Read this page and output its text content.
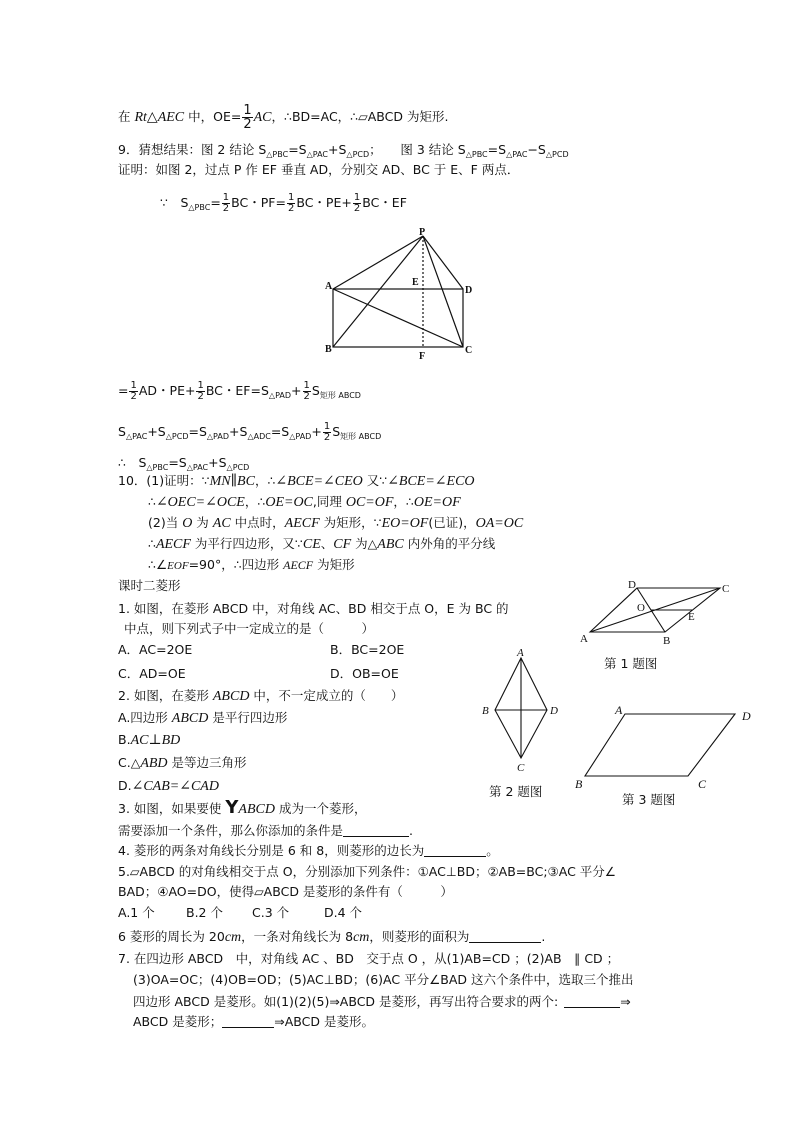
在 Rt△AEC 中，$OE= \frac{1}{2}$ AC，∴BD=AC，∴▱ABCD 为矩形.
9．猜想结果：图 2 结论 $S_{\triangle PBC}=S_{\triangle PAC}+S_{\triangle PCD}$；　　图 3 结论 $S_{\triangle PBC}=S_{\triangle PAC}-S_{\triangle PCD}$
证明：如图 2，过点 P 作 EF 垂直 AD，分别交 AD、BC 于 E、F 两点．
∵　$S_{\triangle PBC}= \frac{1}{2}$ BC・$PF= \frac{1}{2}$ BC・$PE+ \frac{1}{2}$ BC・EF
P
A	E
D
B
F
C
= $\frac{1}{2}$ AD・$PE+ \frac{1}{2}$ BC・$EF=S_{\triangle PAD}+ \frac{1}{2} S_{矩形 ABCD}$
$S_{\triangle PAC}+S_{\triangle PCD}=S_{\triangle PAD}+S_{\triangle ADC}=S_{\triangle PAD}+ \frac{1}{2} S_{矩形 ABCD}$
∴　$S_{\triangle PBC}=S_{\triangle PAC}+S_{\triangle PCD}$
10．(1)证明：∵MN∥BC，∴∠BCE=∠CEO 又∵∠BCE=∠ECO
∴∠OEC=∠OCE，∴OE=OC,同理 OC=OF，∴OE=OF
(2)当 O 为 AC 中点时，AECF 为矩形，∵EO=OF(已证)，OA=OC
∴AECF 为平行四边形，又∵CE、CF 为△ABC 内外角的平分线
∴∠EOF=90°，∴四边形 AECF 为矩形
课时二菱形
1. 如图，在菱形 ABCD 中，对角线 AC、BD 相交于点 O，E 为 BC 的
中点，则下列式子中一定成立的是（　　　）
A．AC=2OE	B．BC=2OE
C．AD=OE	D．OB=OE
2. 如图，在菱形 ABCD 中，不一定成立的（　　）
A.四边形 ABCD 是平行四边形
B.AC⊥BD
C.△ABD 是等边三角形
D.∠CAB=∠CAD
3. 如图，如果要使 YABCD 成为一个菱形，
需要添加一个条件，那么你添加的条件是	.
4. 菱形的两条对角线长分别是 6 和 8，则菱形的边长为	。
5.▱ABCD 的对角线相交于点 O，分别添加下列条件：①AC⊥BD；②AB=BC;③AC 平分∠
BAD；④AO=DO，使得▱ABCD 是菱形的条件有（　　　）
A.1 个	B.2 个 C.3 个	D.4 个
6 菱形的周长为 20cm，一条对角线长为 8cm，则菱形的面积为	.
7. 在四边形 ABCD　中，对角线 AC 、BD　交于点 O ，从(1)AB=CD ；(2)AB　∥ CD ；
(3)OA=OC；(4)OB=OD；(5)AC⊥BD；(6)AC 平分∠BAD 这六个条件中，选取三个推出
四边形 ABCD 是菱形。如(1)(2)(5)⇒ABCD 是菱形，再写出符合要求的两个:	⇒
ABCD 是菱形；	⇒ABCD 是菱形。
D	C
O
E
A	B
第 1 题图
A
B	D
C
第 2 题图
A	D
B	C
第 3 题图
